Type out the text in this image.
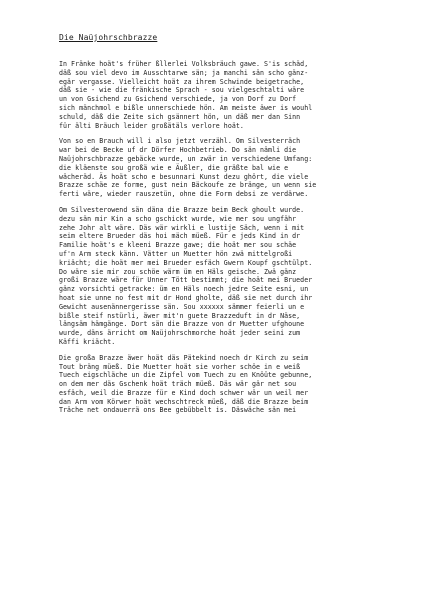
Die Naüjohrschbrazze
In Fränke hoät's früher ßllerlei Volksbräuch gawe. S'is schäd,
däß sou viel devo im Ausschtarwe sän; ja manchi sän scho gänz-
egär vergasse. Vielleicht hoät za ihrem Schwinde beigetrache,
däß sie - wie die fränkische Sprach - sou vielgeschtalti wäre
un von Gsichend zu Gsichend verschiede, ja von Dorf zu Dorf
sich mänchmol e bißle unnerschiede hön. Am meiste äwer is wouhl
schuld, däß die Zeite sich gsännert hön, un däß mer dan Sinn
für älti Bräuch leider großätäls verlore hoät.
Von so en Brauch will i also jetzt verzähl. Om Silvesterräch
war bei de Becke uf dr Dörfer Hochbetrieb. Do sän nämli die
Naüjohrschbrazze gebäcke wurde, un zwär in verschiedene Umfang:
die kläenste sou großä wie e Äußler, die gräßte bal wie e
wächeräd. Äs hoät scho e besunnari Kunst dezu ghört, die viele
Brazze schäe ze forme, gust nein Bäckoufe ze bränge, un wenn sie
ferti wäre, wieder rauszetün, ohne die Form debsi ze verdärwe.
Om Silvesterowend sän däna die Brazze beim Beck ghoult wurde.
dezu sän mir Kin a scho gschickt wurde, wie mer sou ungfähr
zehe Johr alt wäre. Däs wär wirkli e lustije Säch, wenn i mit
seim eltere Brueder däs hoi mäch müeß. Für e jeds Kind in dr
Familie hoät's e kleeni Brazze gawe; die hoät mer sou schäe
uf'n Arm steck känn. Vätter un Muetter hön zwä mittelgroßi
kriächt; die hoät mer mei Brueder esfäch Gwern Koupf gschtülpt.
Do wäre sie mir zou schöe wärm üm en Häls geische. Zwä gänz
großi Brazze wäre für Unner Tött bestimmt; die hoät mei Brueder
gänz vorsichti getracke: üm en Häls noech jedre Seite esni, un
hoat sie unne no fest mit dr Hond gholte, däß sie net durch ihr
Gewicht ausenännergerisse sän. Sou xxxxxx sämmer feierli un e
bißle steif nstürli, äwer mit'n guete Brazzeduft in dr Näse,
längsäm hämgänge. Dort sän die Brazze von dr Muetter ufghoune
wurde, däns ärricht om Naüjohrschmorche hoät jeder seini zum
Käffi kriächt.
Die großa Brazze äwer hoät däs Pätekind noech dr Kirch zu seim
Tout bräng müeß. Die Muetter hoät sie vorher schöe in e weiß
Tuech eigschläche un die Zipfel vom Tuech zu en Knöüte gebunne,
on dem mer däs Gschenk hoät träch müeß. Däs wär gär net sou
esfäch, weil die Brazze für e Kind doch schwer wär un weil mer
dan Arm vom Körwer hoät wechschtreck müeß, däß die Brazze beim
Träche net ondauerrä ons Bee gebübbelt is. Däswäche sän mei
